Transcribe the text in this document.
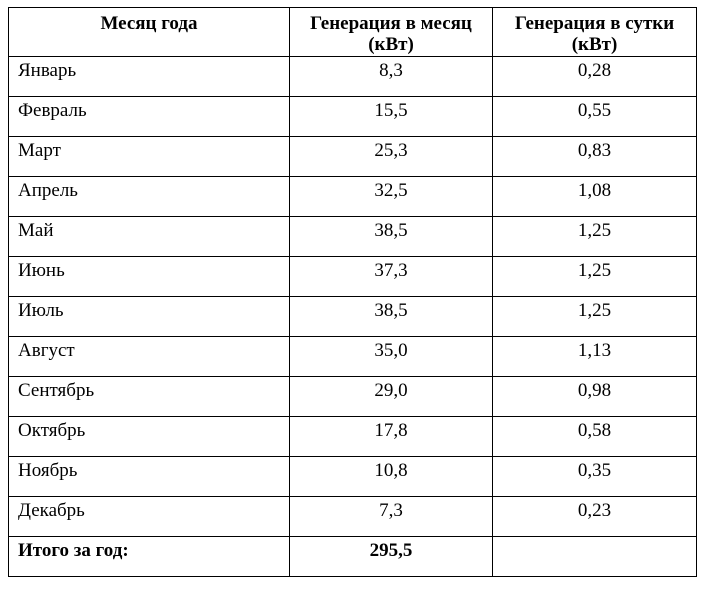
Месяц года	Генерация в месяц (кВт)	Генерация в сутки (кВт)
Январь	8,3	0,28
Февраль	15,5	0,55
Март	25,3	0,83
Апрель	32,5	1,08
Май	38,5	1,25
Июнь	37,3	1,25
Июль	38,5	1,25
Август	35,0	1,13
Сентябрь	29,0	0,98
Октябрь	17,8	0,58
Ноябрь	10,8	0,35
Декабрь	7,3	0,23
Итого за год:	295,5	
